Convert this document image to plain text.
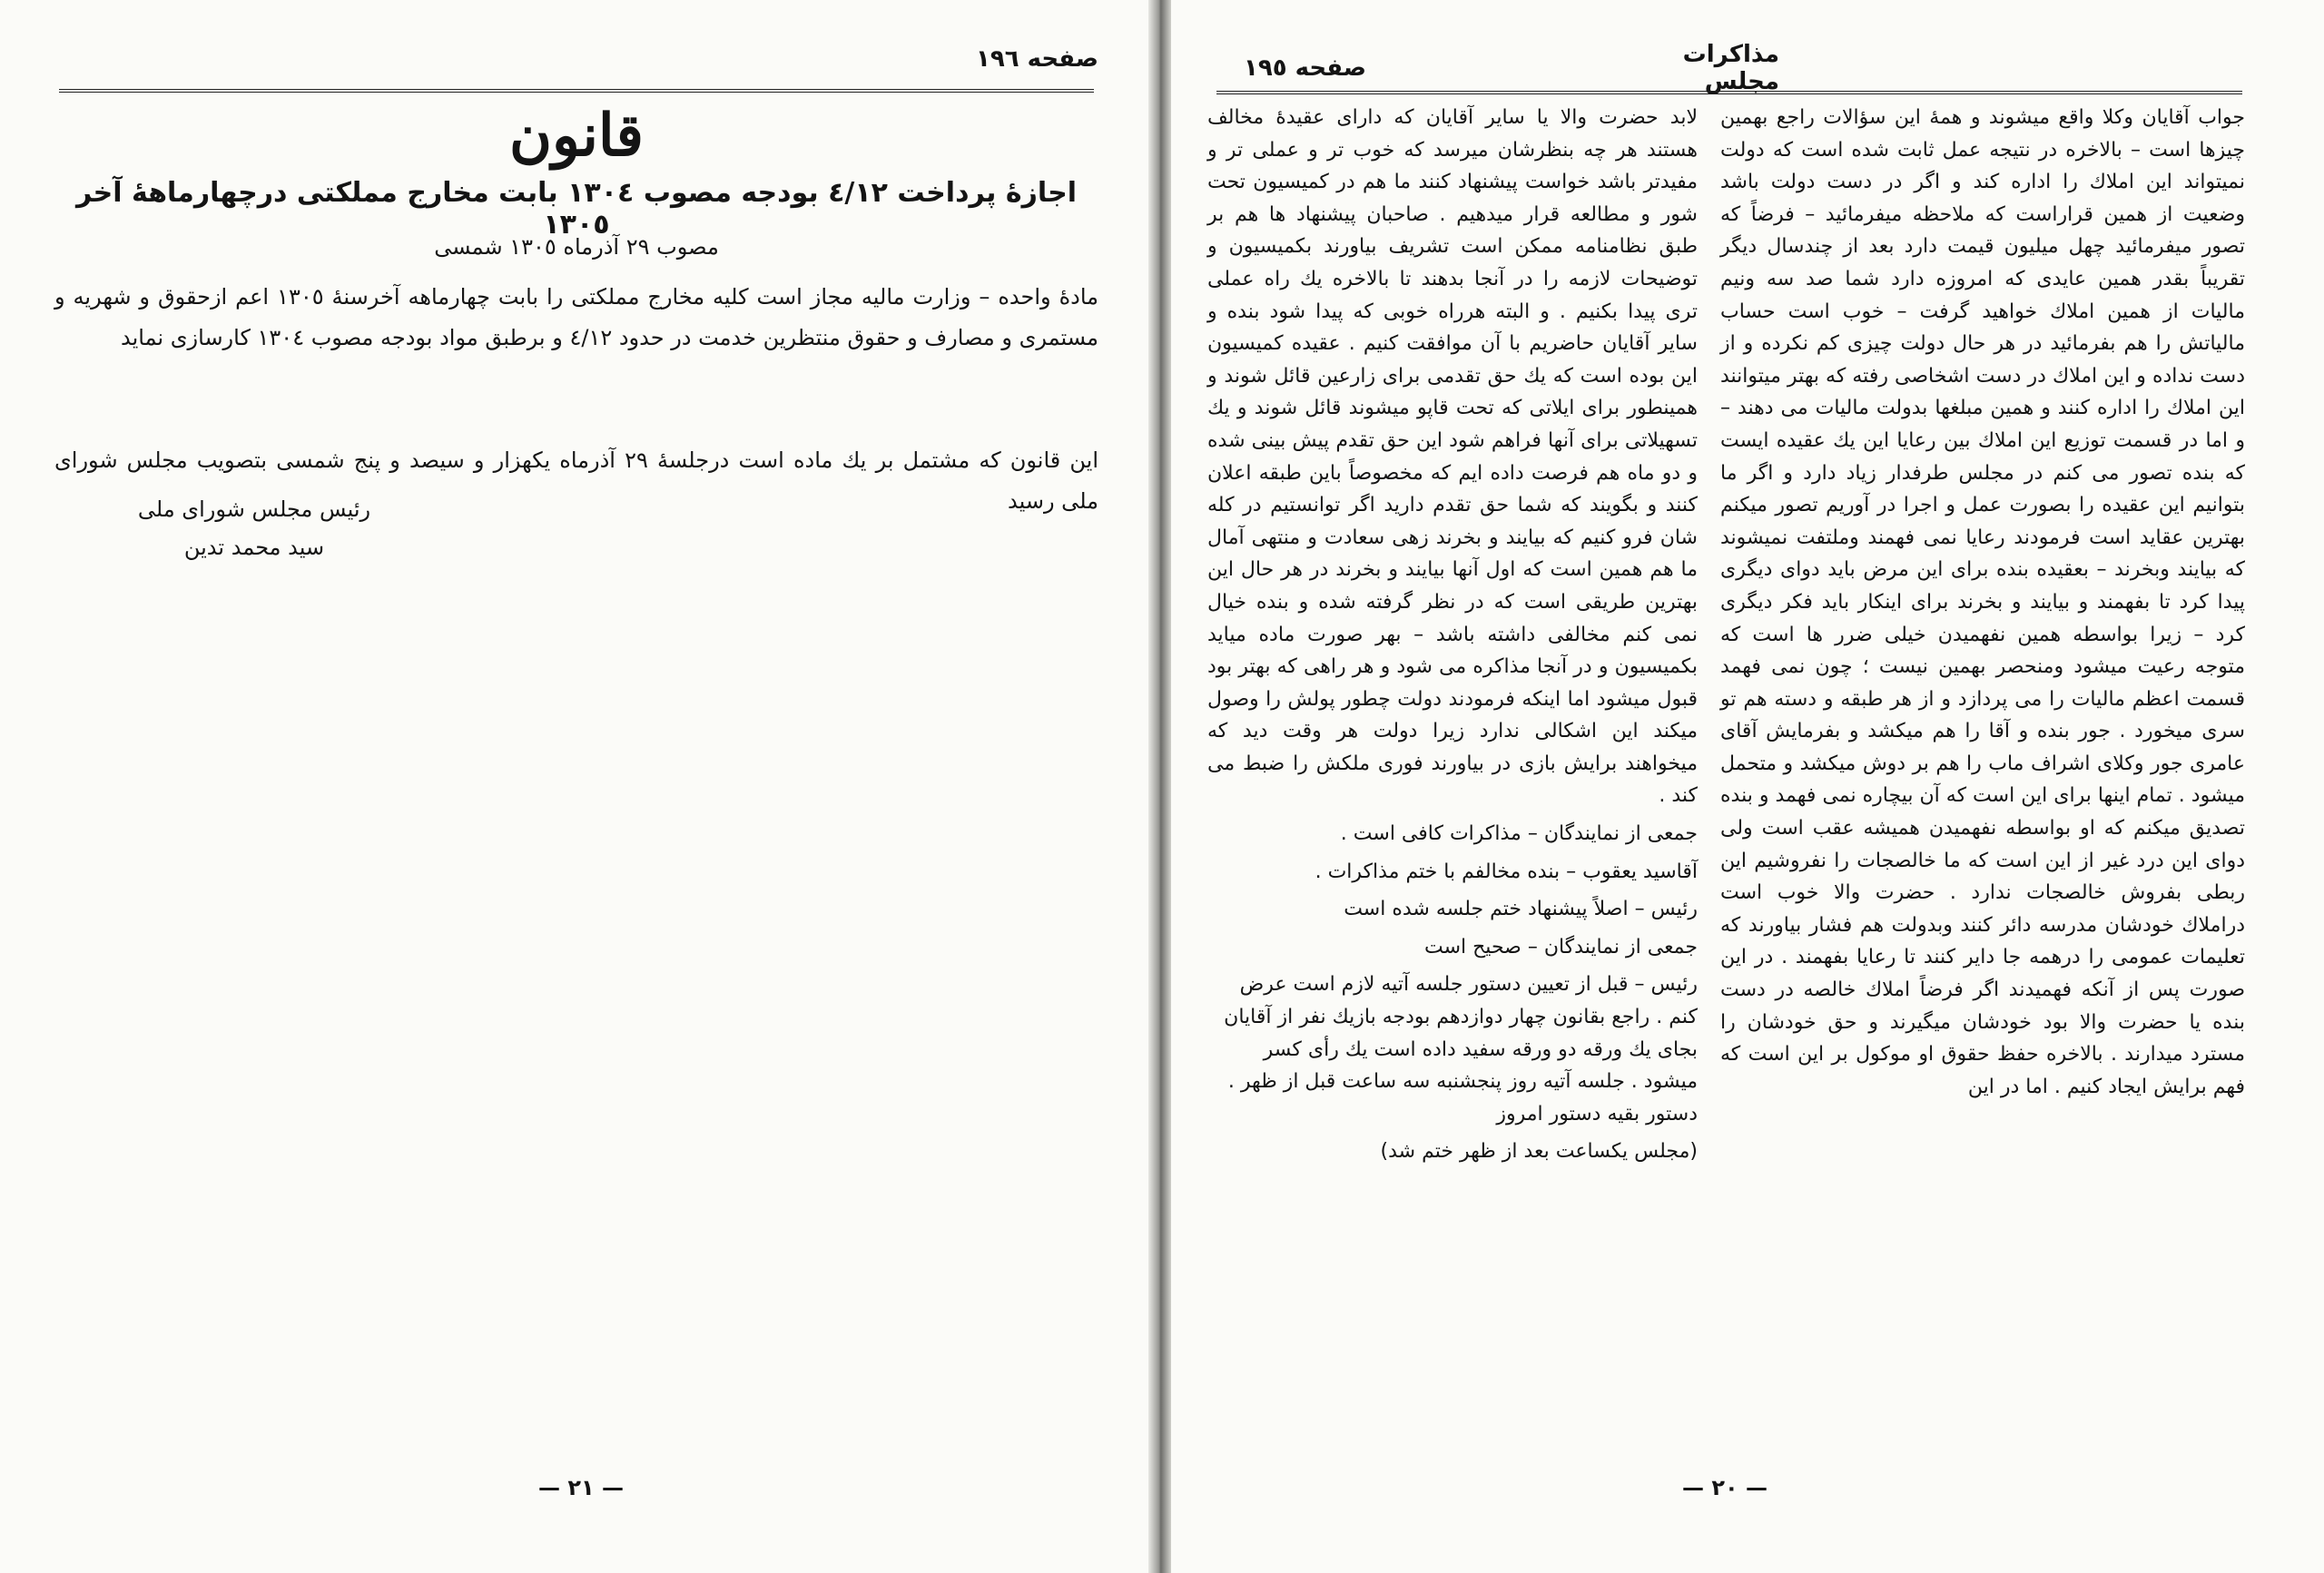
صفحه ١٩٦
قانون
اجازهٔ پرداخت ٤/١٢ بودجه مصوب ١٣٠٤ بابت مخارج مملکتی درچهارماههٔ آخر ١٣٠٥
مصوب ٢٩ آذرماه ١٣٠٥ شمسی
مادهٔ واحده – وزارت مالیه مجاز است کلیه مخارج مملکتی را بابت چهارماهه آخرسنهٔ ١٣٠٥ اعم ازحقوق و شهریه و مستمری و مصارف و حقوق منتظرین خدمت در حدود ٤/١٢ و برطبق مواد بودجه مصوب ١٣٠٤ کارسازی نماید
این قانون که مشتمل بر یك ماده است درجلسهٔ ٢٩ آذرماه یکهزار و سیصد و پنج شمسی بتصویب مجلس شورای ملی رسید
رئیس مجلس شورای ملی
سید محمد تدین
— ٢١ —
مذاکرات مجلس
صفحه ١٩٥

جواب آقایان وکلا واقع میشوند و همهٔ این سؤالات راجع بهمین چیزها است – بالاخره در نتیجه عمل ثابت شده است که دولت نمیتواند این املاك را اداره کند و اگر در دست دولت باشد وضعیت از همین قراراست که ملاحظه میفرمائید – فرضاً که تصور میفرمائید چهل میلیون قیمت دارد بعد از چندسال دیگر تقریباً بقدر همین عایدی که امروزه دارد شما صد سه ونیم مالیات از همین املاك خواهید گرفت – خوب است حساب مالیاتش را هم بفرمائید در هر حال دولت چیزی کم نکرده و از دست نداده و این املاك در دست اشخاصی رفته که بهتر میتوانند این املاك را اداره کنند و همین مبلغها بدولت مالیات می دهند – و اما در قسمت توزیع این املاك بین رعایا این یك عقیده ایست که بنده تصور می کنم در مجلس طرفدار زیاد دارد و اگر ما بتوانیم این عقیده را بصورت عمل و اجرا در آوریم تصور میکنم بهترین عقاید است فرمودند رعایا نمی فهمند وملتفت نمیشوند که بیایند وبخرند – بعقیده بنده برای این مرض باید دوای دیگری پیدا کرد تا بفهمند و بیایند و بخرند برای اینکار باید فکر دیگری کرد – زیرا بواسطه همین نفهمیدن خیلی ضرر ها است که متوجه رعیت میشود ومنحصر بهمین نیست ؛ چون نمی فهمد قسمت اعظم مالیات را می پردازد و از هر طبقه و دسته هم تو سری میخورد . جور بنده و آقا را هم میکشد و بفرمایش آقای عامری جور وکلای اشراف ماب را هم بر دوش میکشد و متحمل میشود . تمام اینها برای این است که آن بیچاره نمی فهمد و بنده تصدیق میکنم که او بواسطه نفهمیدن همیشه عقب است ولی دوای این درد غیر از این است که ما خالصجات را نفروشیم این ربطی بفروش خالصجات ندارد . حضرت والا خوب است دراملاك خودشان مدرسه دائر کنند وبدولت هم فشار بیاورند که تعلیمات عمومی را درهمه جا دایر کنند تا رعایا بفهمند . در این صورت پس از آنکه فهمیدند اگر فرضاً املاك خالصه در دست بنده یا حضرت والا بود خودشان میگیرند و حق خودشان را مسترد میدارند . بالاخره حفظ حقوق او موکول بر این است که فهم برایش ایجاد کنیم . اما در این

لابد حضرت والا یا سایر آقایان که دارای عقیدهٔ مخالف هستند هر چه بنظرشان میرسد که خوب تر و عملی تر و مفیدتر باشد خواست پیشنهاد کنند ما هم در کمیسیون تحت شور و مطالعه قرار میدهیم . صاحبان پیشنهاد ها هم بر طبق نظامنامه ممکن است تشریف بیاورند بکمیسیون و توضیحات لازمه را در آنجا بدهند تا بالاخره یك راه عملی تری پیدا بکنیم . و البته هرراه خوبی که پیدا شود بنده و سایر آقایان حاضریم با آن موافقت کنیم . عقیده کمیسیون این بوده است که یك حق تقدمی برای زارعین قائل شوند و همینطور برای ایلاتی که تحت قاپو میشوند قائل شوند و یك تسهیلاتی برای آنها فراهم شود این حق تقدم پیش بینی شده و دو ماه هم فرصت داده ایم که مخصوصاً باین طبقه اعلان کنند و بگویند که شما حق تقدم دارید اگر توانستیم در کله شان فرو کنیم که بیایند و بخرند زهی سعادت و منتهی آمال ما هم همین است که اول آنها بیایند و بخرند در هر حال این بهترین طریقی است که در نظر گرفته شده و بنده خیال نمی کنم مخالفی داشته باشد – بهر صورت ماده میاید بکمیسیون و در آنجا مذاکره می شود و هر راهی که بهتر بود قبول میشود اما اینکه فرمودند دولت چطور پولش را وصول میکند این اشکالی ندارد زیرا دولت هر وقت دید که میخواهند برایش بازی در بیاورند فوری ملکش را ضبط می کند .

جمعی از نمایندگان – مذاکرات کافی است .

آقاسید یعقوب – بنده مخالفم با ختم مذاکرات .

رئیس – اصلاً پیشنهاد ختم جلسه شده است

جمعی از نمایندگان – صحیح است

رئیس – قبل از تعیین دستور جلسه آتیه لازم است عرض کنم . راجع بقانون چهار دوازدهم بودجه بازیك نفر از آقایان بجای یك ورقه دو ورقه سفید داده است یك رأی کسر میشود . جلسه آتیه روز پنجشنبه سه ساعت قبل از ظهر . دستور بقیه دستور امروز

(مجلس یکساعت بعد از ظهر ختم شد)

— ٢٠ —
